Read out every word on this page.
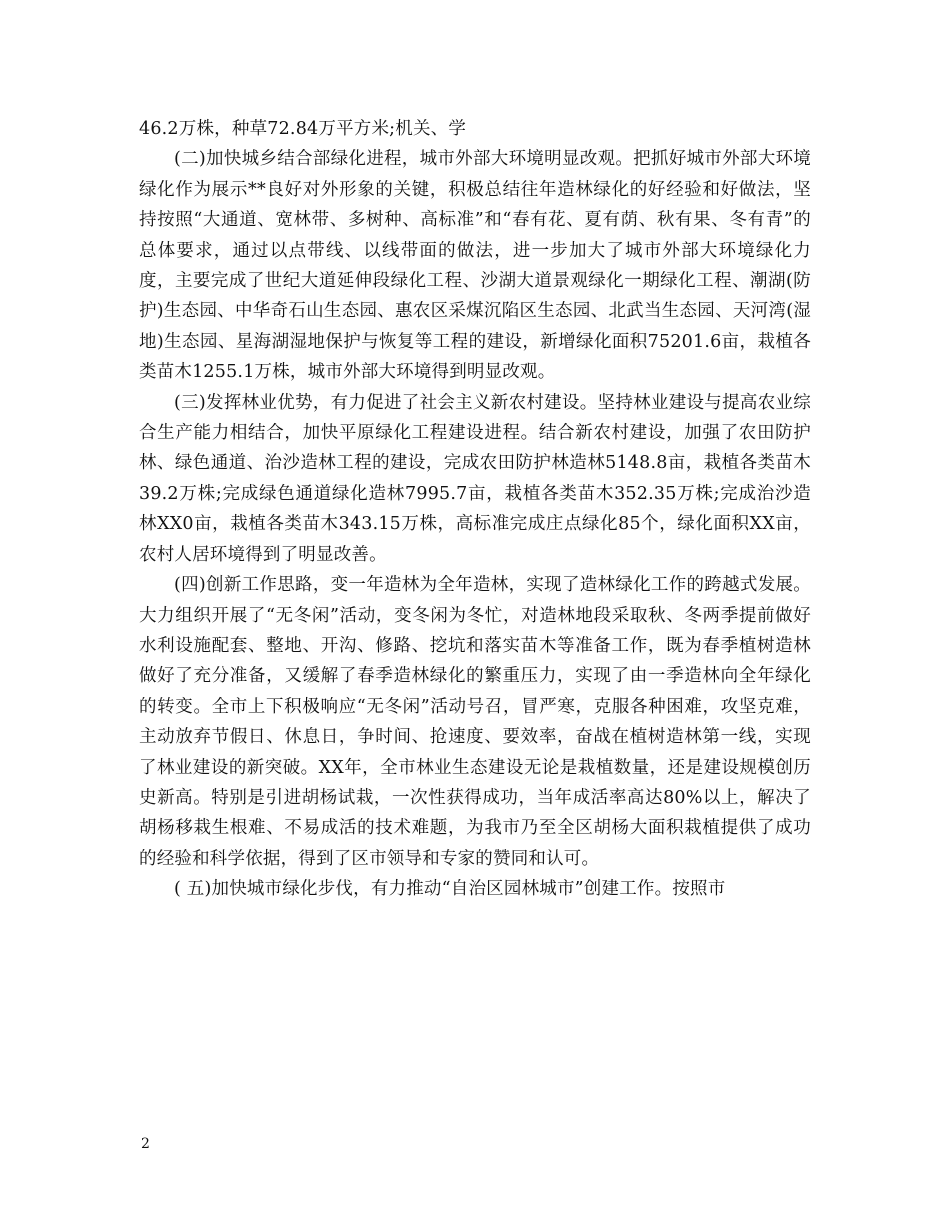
46.2万株，种草72.84万平方米;机关、学

(二)加快城乡结合部绿化进程，城市外部大环境明显改观。把抓好城市外部大环境绿化作为展示**良好对外形象的关键，积极总结往年造林绿化的好经验和好做法，坚持按照“大通道、宽林带、多树种、高标准”和“春有花、夏有荫、秋有果、冬有青”的总体要求，通过以点带线、以线带面的做法，进一步加大了城市外部大环境绿化力度，主要完成了世纪大道延伸段绿化工程、沙湖大道景观绿化一期绿化工程、潮湖(防护)生态园、中华奇石山生态园、惠农区采煤沉陷区生态园、北武当生态园、天河湾(湿地)生态园、星海湖湿地保护与恢复等工程的建设，新增绿化面积75201.6亩，栽植各类苗木1255.1万株，城市外部大环境得到明显改观。

(三)发挥林业优势，有力促进了社会主义新农村建设。坚持林业建设与提高农业综合生产能力相结合，加快平原绿化工程建设进程。结合新农村建设，加强了农田防护林、绿色通道、治沙造林工程的建设，完成农田防护林造林5148.8亩，栽植各类苗木39.2万株;完成绿色通道绿化造林7995.7亩，栽植各类苗木352.35万株;完成治沙造林XX0亩，栽植各类苗木343.15万株，高标准完成庄点绿化85个，绿化面积XX亩，农村人居环境得到了明显改善。

(四)创新工作思路，变一年造林为全年造林，实现了造林绿化工作的跨越式发展。大力组织开展了“无冬闲”活动，变冬闲为冬忙，对造林地段采取秋、冬两季提前做好水利设施配套、整地、开沟、修路、挖坑和落实苗木等准备工作，既为春季植树造林做好了充分准备，又缓解了春季造林绿化的繁重压力，实现了由一季造林向全年绿化的转变。全市上下积极响应“无冬闲”活动号召，冒严寒，克服各种困难，攻坚克难，主动放弃节假日、休息日，争时间、抢速度、要效率，奋战在植树造林第一线，实现了林业建设的新突破。XX年，全市林业生态建设无论是栽植数量，还是建设规模创历史新高。特别是引进胡杨试栽，一次性获得成功，当年成活率高达80%以上，解决了胡杨移栽生根难、不易成活的技术难题，为我市乃至全区胡杨大面积栽植提供了成功的经验和科学依据，得到了区市领导和专家的赞同和认可。

( 五)加快城市绿化步伐，有力推动“自治区园林城市”创建工作。按照市

2
